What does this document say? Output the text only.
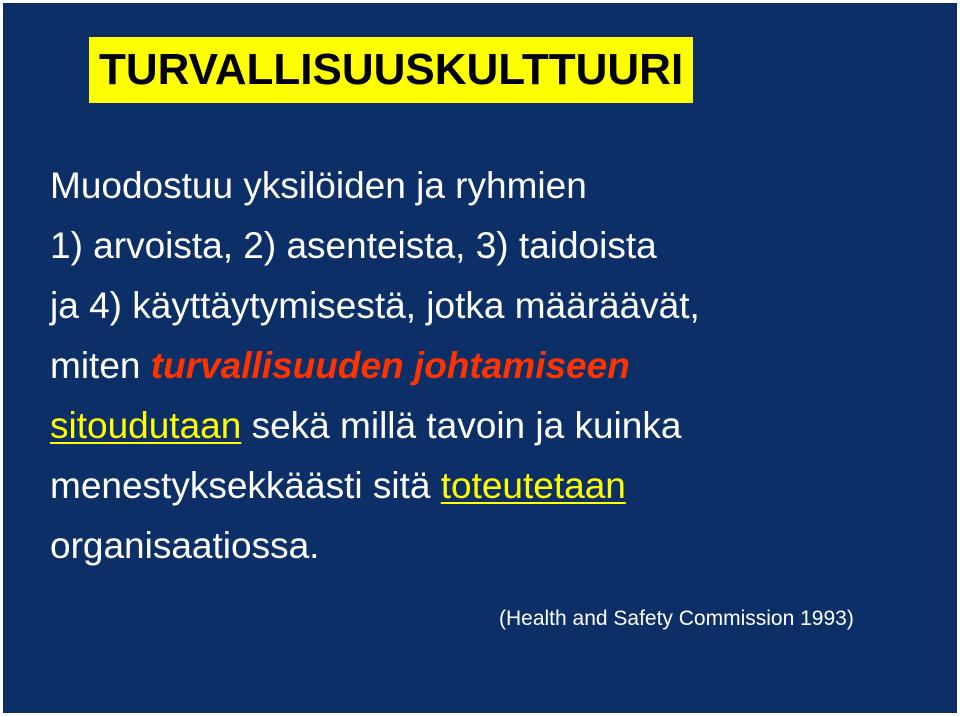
TURVALLISUUSKULTTUURI
Muodostuu yksilöiden ja ryhmien
1) arvoista, 2) asenteista, 3) taidoista
ja 4) käyttäytymisestä, jotka määräävät,
miten turvallisuuden johtamiseen
sitoudutaan sekä millä tavoin ja kuinka
menestyksekkäästi sitä toteutetaan
organisaatiossa.
(Health and Safety Commission 1993)
